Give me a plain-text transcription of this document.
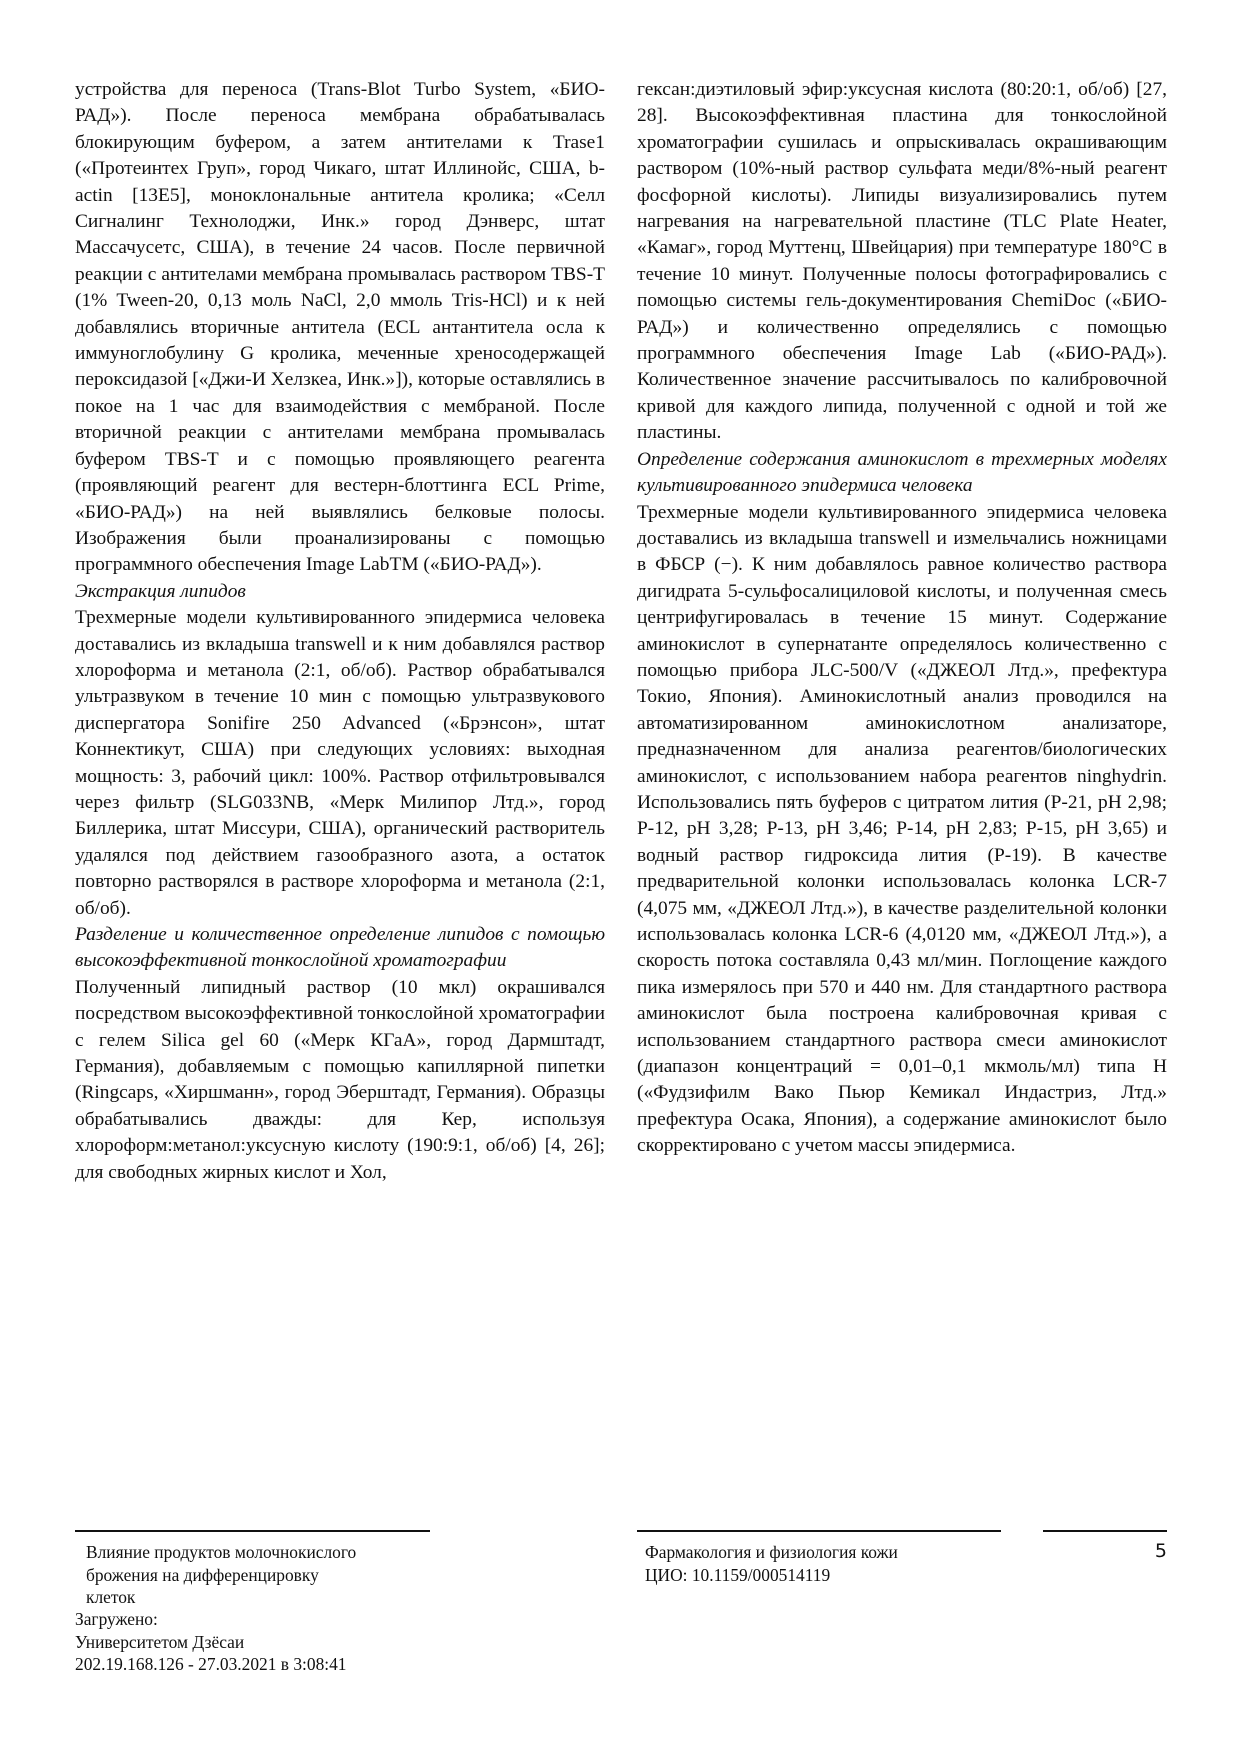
устройства для переноса (Trans-Blot Turbo System, «БИО-РАД»). После переноса мембрана обрабатывалась блокирующим буфером, а затем антителами к Trase1 («Протеинтех Груп», город Чикаго, штат Иллинойс, США, b-actin [13E5], моноклональные антитела кролика; «Селл Сигналинг Технолоджи, Инк.» город Дэнверс, штат Массачусетс, США), в течение 24 часов. После первичной реакции с антителами мембрана промывалась раствором TBS-T (1% Tween-20, 0,13 моль NaCl, 2,0 ммоль Tris-HCl) и к ней добавлялись вторичные антитела (ECL антантитела осла к иммуноглобулину G кролика, меченные хреносодержащей пероксидазой [«Джи-И Хелзкеа, Инк.»]), которые оставлялись в покое на 1 час для взаимодействия с мембраной. После вторичной реакции с антителами мембрана промывалась буфером TBS-T и с помощью проявляющего реагента (проявляющий реагент для вестерн-блоттинга ECL Prime, «БИО-РАД») на ней выявлялись белковые полосы. Изображения были проанализированы с помощью программного обеспечения Image LabTM («БИО-РАД»).

Экстракция липидов

Трехмерные модели культивированного эпидермиса человека доставались из вкладыша transwell и к ним добавлялся раствор хлороформа и метанола (2:1, об/об). Раствор обрабатывался ультразвуком в течение 10 мин с помощью ультразвукового диспергатора Sonifire 250 Advanced («Брэнсон», штат Коннектикут, США) при следующих условиях: выходная мощность: 3, рабочий цикл: 100%. Раствор отфильтровывался через фильтр (SLG033NB, «Мерк Милипор Лтд.», город Биллерика, штат Миссури, США), органический растворитель удалялся под действием газообразного азота, а остаток повторно растворялся в растворе хлороформа и метанола (2:1, об/об).

Разделение и количественное определение липидов с помощью высокоэффективной тонкослойной хроматографии

Полученный липидный раствор (10 мкл) окрашивался посредством высокоэффективной тонкослойной хроматографии с гелем Silica gel 60 («Мерк КГаА», город Дармштадт, Германия), добавляемым с помощью капиллярной пипетки (Ringcaps, «Хиршманн», город Эберштадт, Германия). Образцы обрабатывались дважды: для Кер, используя хлороформ:метанол:уксусную кислоту (190:9:1, об/об) [4, 26]; для свободных жирных кислот и Хол,

гексан:диэтиловый эфир:уксусная кислота (80:20:1, об/об) [27, 28]. Высокоэффективная пластина для тонкослойной хроматографии сушилась и опрыскивалась окрашивающим раствором (10%-ный раствор сульфата меди/8%-ный реагент фосфорной кислоты). Липиды визуализировались путем нагревания на нагревательной пластине (TLC Plate Heater, «Камаг», город Муттенц, Швейцария) при температуре 180°C в течение 10 минут. Полученные полосы фотографировались с помощью системы гель-документирования ChemiDoc («БИО-РАД») и количественно определялись с помощью программного обеспечения Image Lab («БИО-РАД»). Количественное значение рассчитывалось по калибровочной кривой для каждого липида, полученной с одной и той же пластины.

Определение содержания аминокислот в трехмерных моделях культивированного эпидермиса человека

Трехмерные модели культивированного эпидермиса человека доставались из вкладыша transwell и измельчались ножницами в ФБСР (−). К ним добавлялось равное количество раствора дигидрата 5-сульфосалициловой кислоты, и полученная смесь центрифугировалась в течение 15 минут. Содержание аминокислот в супернатанте определялось количественно с помощью прибора JLC-500/V («ДЖЕОЛ Лтд.», префектура Токио, Япония). Аминокислотный анализ проводился на автоматизированном аминокислотном анализаторе, предназначенном для анализа реагентов/биологических аминокислот, с использованием набора реагентов ninghydrin. Использовались пять буферов с цитратом лития (P-21, pH 2,98; P-12, pH 3,28; P-13, pH 3,46; P-14, pH 2,83; P-15, pH 3,65) и водный раствор гидроксида лития (P-19). В качестве предварительной колонки использовалась колонка LCR-7 (4,075 мм, «ДЖЕОЛ Лтд.»), в качестве разделительной колонки использовалась колонка LCR-6 (4,0120 мм, «ДЖЕОЛ Лтд.»), а скорость потока составляла 0,43 мл/мин. Поглощение каждого пика измерялось при 570 и 440 нм. Для стандартного раствора аминокислот была построена калибровочная кривая с использованием стандартного раствора смеси аминокислот (диапазон концентраций = 0,01–0,1 мкмоль/мл) типа H («Фудзифилм Вако Пьюр Кемикал Индастриз, Лтд.» префектура Осака, Япония), а содержание аминокислот было скорректировано с учетом массы эпидермиса.

Влияние продуктов молочнокислого
брожения на дифференцировку
клеток
Загружено:
Университетом Дзёсаи
202.19.168.126 - 27.03.2021 в 3:08:41
Фармакология и физиология кожи
ЦИО: 10.1159/000514119
5
